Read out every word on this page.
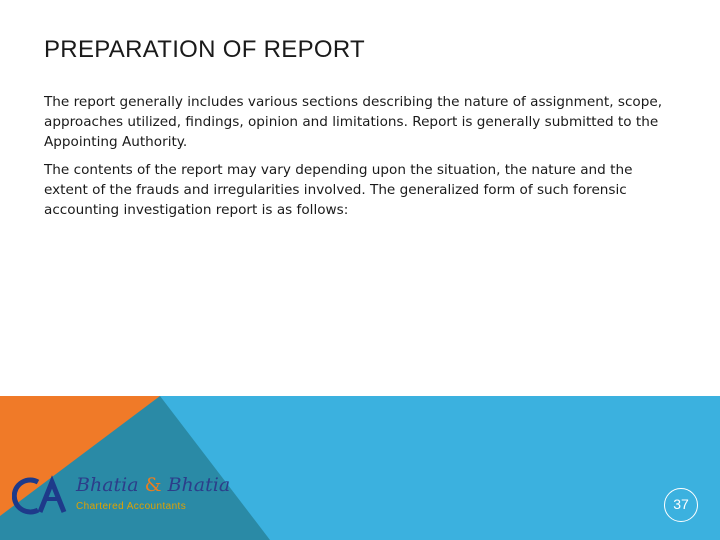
PREPARATION OF REPORT

The report generally includes various sections describing the nature of assignment, scope, approaches utilized, findings, opinion and limitations. Report is generally submitted to the Appointing Authority.

The contents of the report may vary depending upon the situation, the nature and the extent of the frauds and irregularities involved. The generalized form of such forensic accounting investigation report is as follows:

Bhatia & Bhatia
Chartered Accountants	37
